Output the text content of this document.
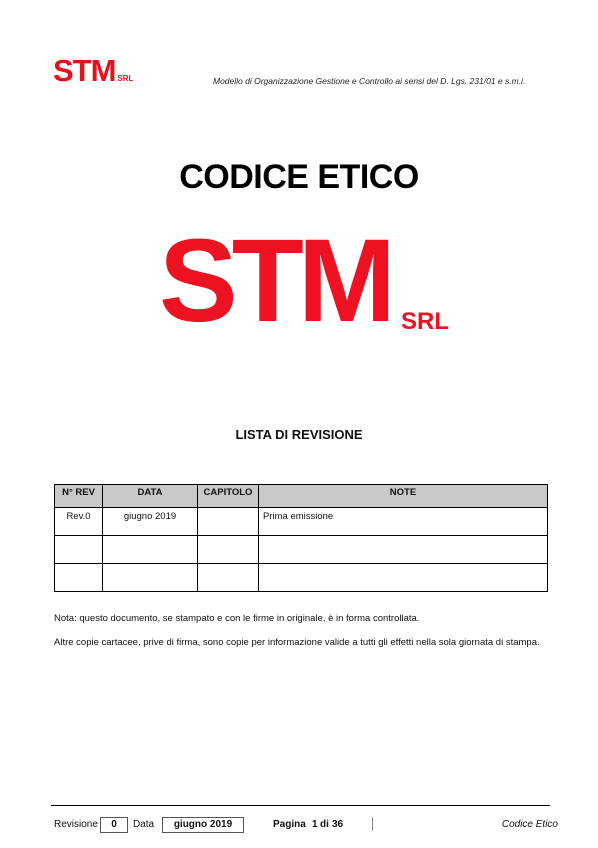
STM SRL	Modello di Organizzazione Gestione e Controllo ai sensi del D. Lgs. 231/01 e s.m.i.
CODICE ETICO
STM SRL
LISTA DI REVISIONE
N° REV	DATA	CAPITOLO	NOTE
Rev.0	giugno 2019		Prima emissione

Nota: questo documento, se stampato e con le firme in originale, è in forma controllata.
Altre copie cartacee, prive di firma, sono copie per informazione valide a tutti gli effetti nella sola giornata di stampa.
Revisione	0	Data	giugno 2019	Pagina 1 di 36	Codice Etico
